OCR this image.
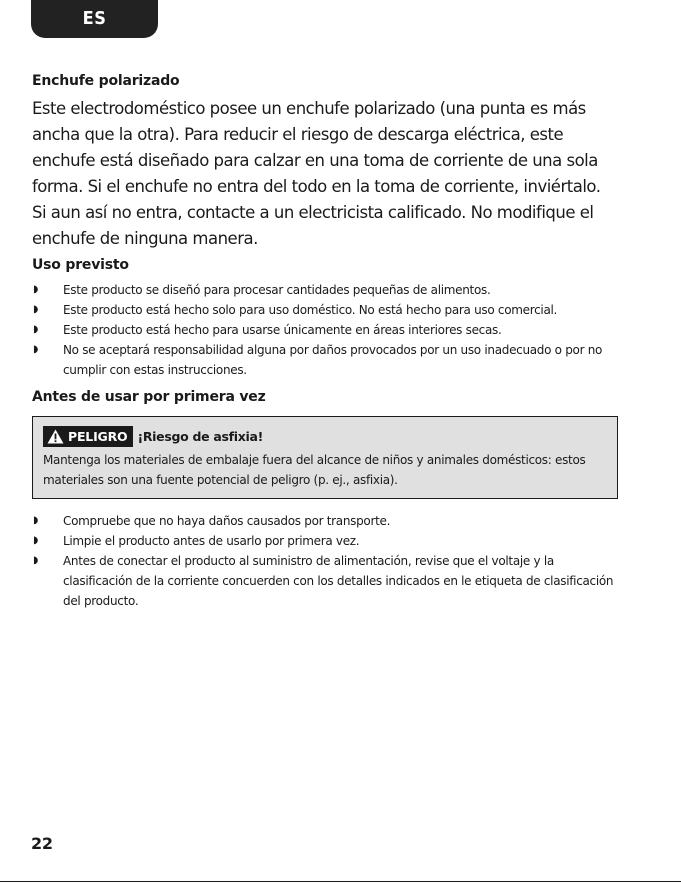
ES
Enchufe polarizado

Este electrodoméstico posee un enchufe polarizado (una punta es más ancha que la otra). Para reducir el riesgo de descarga eléctrica, este enchufe está diseñado para calzar en una toma de corriente de una sola forma. Si el enchufe no entra del todo en la toma de corriente, inviértalo. Si aun así no entra, contacte a un electricista calificado. No modifique el enchufe de ninguna manera.

Uso previsto
◗ Este producto se diseñó para procesar cantidades pequeñas de alimentos.
◗ Este producto está hecho solo para uso doméstico. No está hecho para uso comercial.
◗ Este producto está hecho para usarse únicamente en áreas interiores secas.
◗ No se aceptará responsabilidad alguna por daños provocados por un uso inadecuado o por no cumplir con estas instrucciones.
Antes de usar por primera vez
PELIGRO ¡Riesgo de asfixia!
Mantenga los materiales de embalaje fuera del alcance de niños y animales domésticos: estos materiales son una fuente potencial de peligro (p. ej., asfixia).
◗ Compruebe que no haya daños causados por transporte.
◗ Limpie el producto antes de usarlo por primera vez.
◗ Antes de conectar el producto al suministro de alimentación, revise que el voltaje y la clasificación de la corriente concuerden con los detalles indicados en le etiqueta de clasificación del producto.
22
